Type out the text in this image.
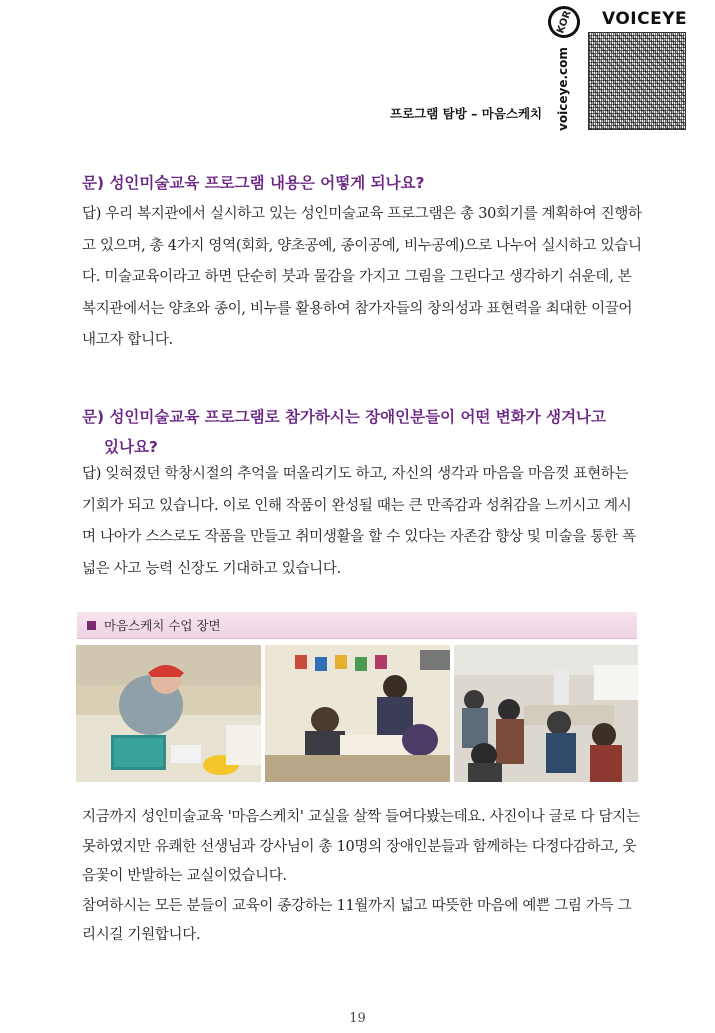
프로그램 탐방 – 마음스케치
KOR	VOICEYE
voiceye.com
문) 성인미술교육 프로그램 내용은 어떻게 되나요?

답) 우리 복지관에서 실시하고 있는 성인미술교육 프로그램은 총 30회기를 계획하여 진행하고 있으며, 총 4가지 영역(회화, 양초공예, 종이공예, 비누공예)으로 나누어 실시하고 있습니다. 미술교육이라고 하면 단순히 붓과 물감을 가지고 그림을 그린다고 생각하기 쉬운데, 본 복지관에서는 양초와 종이, 비누를 활용하여 참가자들의 창의성과 표현력을 최대한 이끌어내고자 합니다.

문) 성인미술교육 프로그램로 참가하시는 장애인분들이 어떤 변화가 생겨나고
있나요?

답) 잊혀졌던 학창시절의 추억을 떠올리기도 하고, 자신의 생각과 마음을 마음껏 표현하는 기회가 되고 있습니다. 이로 인해 작품이 완성될 때는 큰 만족감과 성취감을 느끼시고 계시며 나아가 스스로도 작품을 만들고 취미생활을 할 수 있다는 자존감 향상 및 미술을 통한 폭넓은 사고 능력 신장도 기대하고 있습니다.

마음스케치 수업 장면
지금까지 성인미술교육 '마음스케치' 교실을 살짝 들여다봤는데요. 사진이나 글로 다 담지는 못하였지만 유쾌한 선생님과 강사님이 총 10명의 장애인분들과 함께하는 다정다감하고, 웃음꽃이 반발하는 교실이었습니다.
참여하시는 모든 분들이 교육이 종강하는 11월까지 넓고 따뜻한 마음에 예쁜 그림 가득 그리시길 기원합니다.
19
